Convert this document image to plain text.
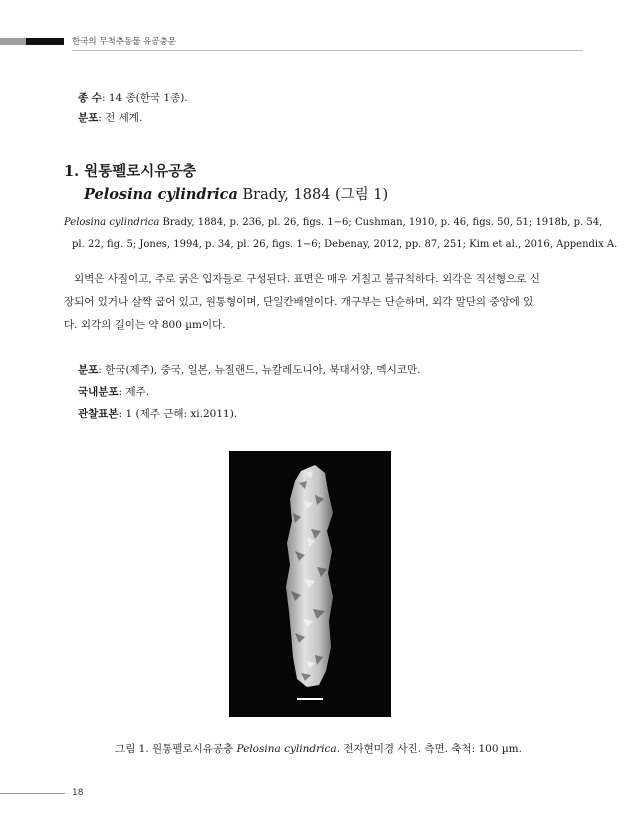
한국의 무척추동물 유공충문
종 수: 14 종(한국 1종).
분포: 전 세계.
1. 원통펠로시유공충
Pelosina cylindrica Brady, 1884 (그림 1)
Pelosina cylindrica Brady, 1884, p. 236, pl. 26, figs. 1−6; Cushman, 1910, p. 46, figs. 50, 51; 1918b, p. 54,
pl. 22, fig. 5; Jones, 1994, p. 34, pl. 26, figs. 1−6; Debenay, 2012, pp. 87, 251; Kim et al., 2016, Appendix A.
외벽은 사질이고, 주로 굵은 입자들로 구성된다. 표면은 매우 거칠고 불규칙하다. 외각은 직선형으로 신
장되어 있거나 살짝 굽어 있고, 원통형이며, 단일칸배열이다. 개구부는 단순하며, 외각 말단의 중앙에 있
다. 외각의 길이는 약 800 µm이다.
분포: 한국(제주), 중국, 일본, 뉴질랜드, 뉴칼레도니아, 북대서양, 멕시코만.
국내분포: 제주.
관찰표본: 1 (제주 근해: xi.2011).
그림 1. 원통펠로시유공충 Pelosina cylindrica. 전자현미경 사진. 측면. 축척: 100 µm.
18
